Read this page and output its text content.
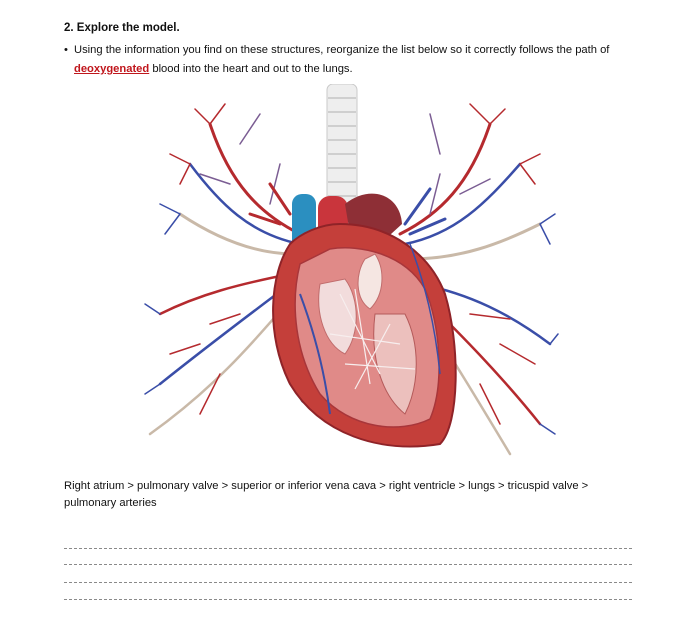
2. Explore the model.
• Using the information you find on these structures, reorganize the list below so it correctly follows the path of
deoxygenated blood into the heart and out to the lungs.
Right atrium > pulmonary valve > superior or inferior vena cava > right ventricle > lungs > tricuspid valve > pulmonary arteries
